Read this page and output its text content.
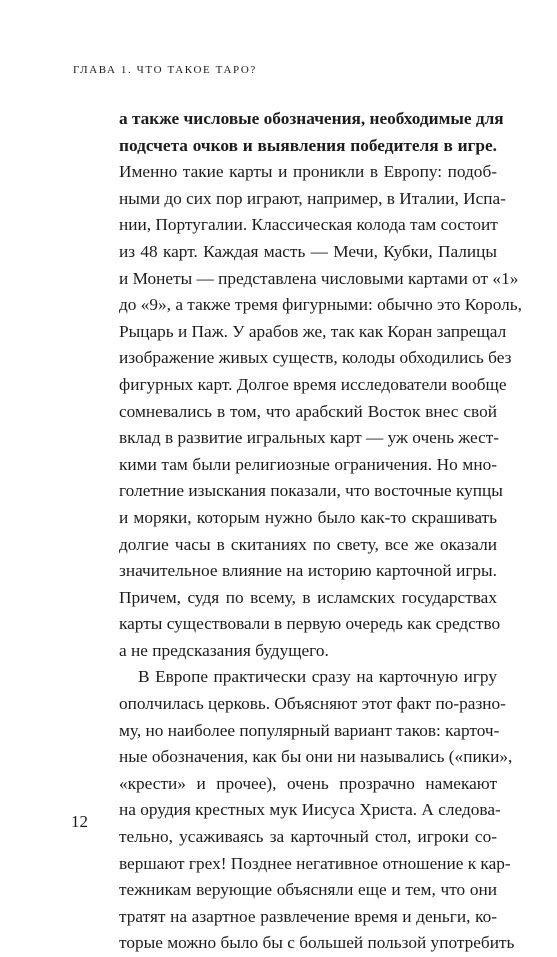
ГЛАВА 1. ЧТО ТАКОЕ ТАРО?
а также числовые обозначения, необходимые для
подсчета очков и выявления победителя в игре.
Именно такие карты и проникли в Европу: подоб-
ными до сих пор играют, например, в Италии, Испа-
нии, Португалии. Классическая колода там состоит
из 48 карт. Каждая масть — Мечи, Кубки, Палицы
и Монеты — представлена числовыми картами от «1»
до «9», а также тремя фигурными: обычно это Король,
Рыцарь и Паж. У арабов же, так как Коран запрещал
изображение живых существ, колоды обходились без
фигурных карт. Долгое время исследователи вообще
сомневались в том, что арабский Восток внес свой
вклад в развитие игральных карт — уж очень жест-
кими там были религиозные ограничения. Но мно-
голетние изыскания показали, что восточные купцы
и моряки, которым нужно было как-то скрашивать
долгие часы в скитаниях по свету, все же оказали
значительное влияние на историю карточной игры.
Причем, судя по всему, в исламских государствах
карты существовали в первую очередь как средство
а не предсказания будущего.
В Европе практически сразу на карточную игру
ополчилась церковь. Объясняют этот факт по-разно-
му, но наиболее популярный вариант таков: карточ-
ные обозначения, как бы они ни назывались («пики»,
«крести» и прочее), очень прозрачно намекают
на орудия крестных мук Иисуса Христа. А следова-
тельно, усаживаясь за карточный стол, игроки со-
вершают грех! Позднее негативное отношение к кар-
тежникам верующие объясняли еще и тем, что они
тратят на азартное развлечение время и деньги, ко-
торые можно было бы с большей пользой употребить
12
